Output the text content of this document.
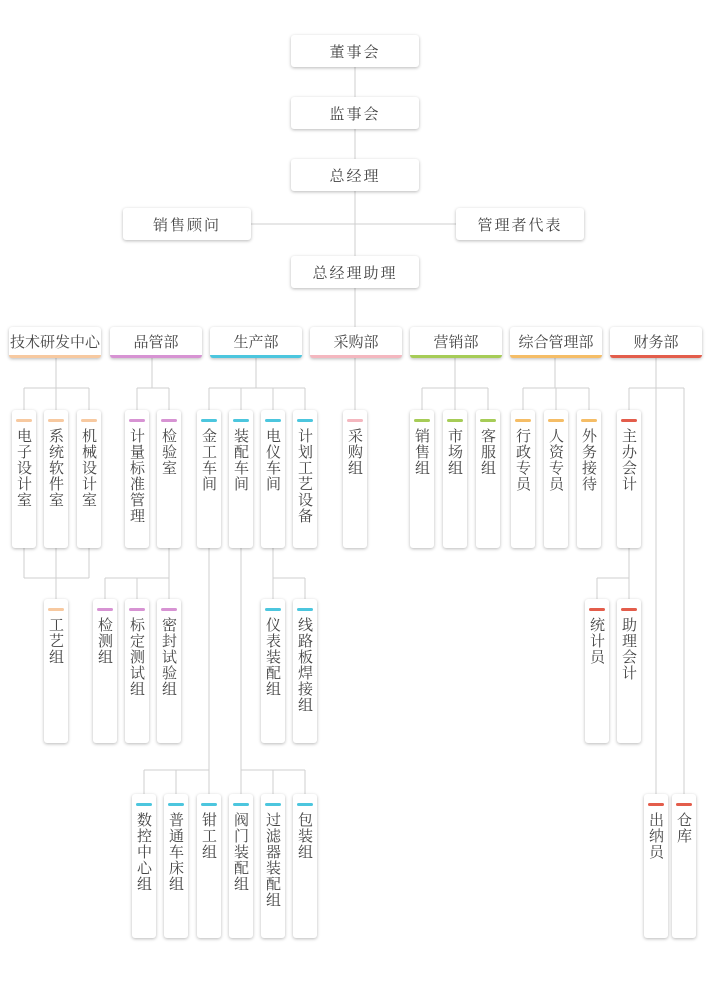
董事会
监事会
总经理
销售顾问	管理者代表
总经理助理
技术研发中心	品管部	生产部	采购部	营销部	综合管理部	财务部
电子设计室 系统软件室 机械设计室
工艺组
计量标准管理 检验室
检测组 标定测试组 密封试验组
金工车间 装配车间 电仪车间 计划工艺设备
仪表装配组 线路板焊接组
数控中心组 普通车床组 钳工组 阀门装配组 过滤器装配组 包装组
采购组	销售组 市场组 客服组 行政专员 人资专员 外务接待 主办会计
统计员 助理会计
出纳员 仓库
